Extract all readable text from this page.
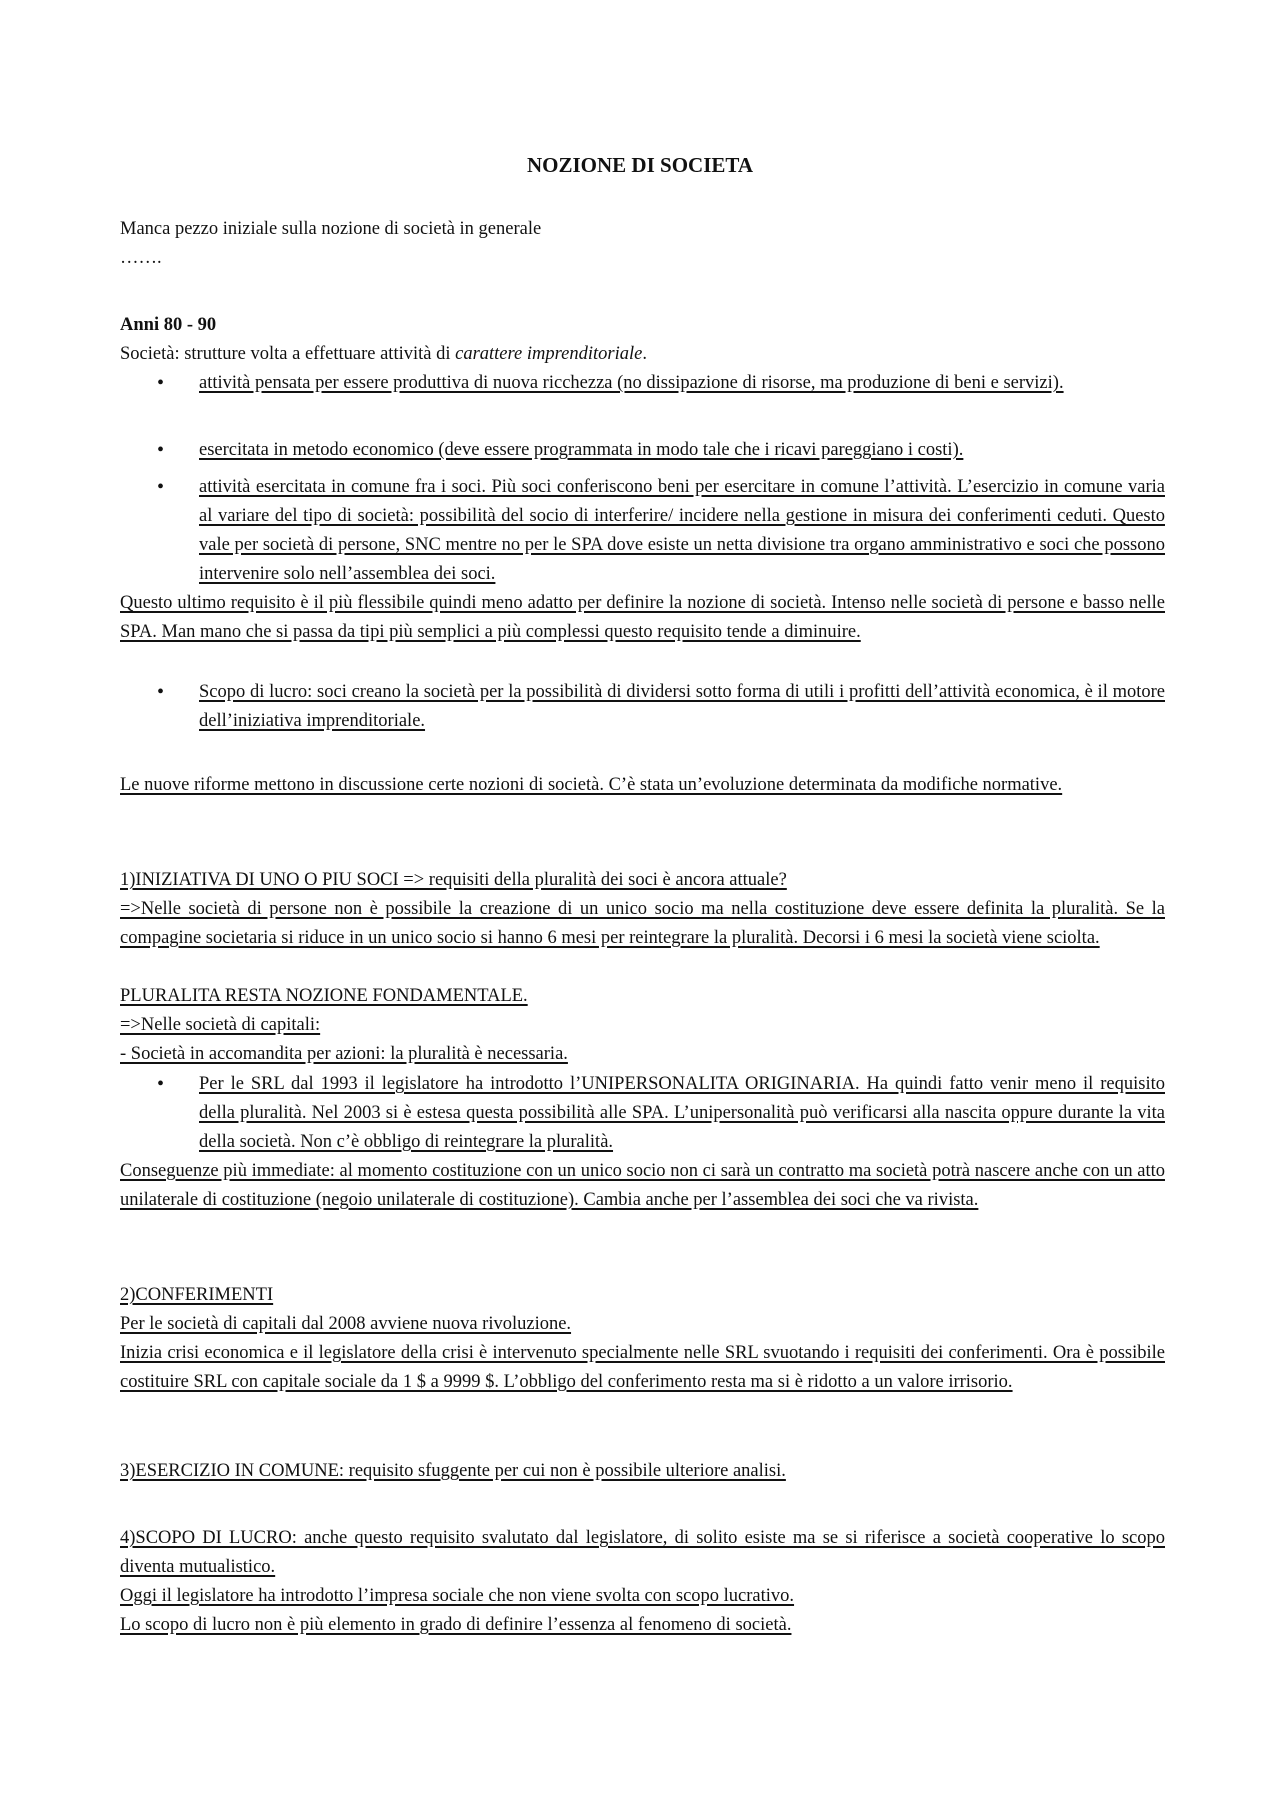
NOZIONE DI SOCIETA
Manca pezzo iniziale sulla nozione di società in generale
…….
Anni 80 - 90
Società: strutture volta a effettuare attività di carattere imprenditoriale.
• attività pensata per essere produttiva di nuova ricchezza (no dissipazione di risorse, ma produzione di beni e servizi).
• esercitata in metodo economico (deve essere programmata in modo tale che i ricavi pareggiano i costi).
• attività esercitata in comune fra i soci. Più soci conferiscono beni per esercitare in comune l’attività. L’esercizio in comune varia al variare del tipo di società: possibilità del socio di interferire/ incidere nella gestione in misura dei conferimenti ceduti. Questo vale per società di persone, SNC mentre no per le SPA dove esiste un netta divisione tra organo amministrativo e soci che possono intervenire solo nell’assemblea dei soci.
Questo ultimo requisito è il più flessibile quindi meno adatto per definire la nozione di società. Intenso nelle società di persone e basso nelle SPA. Man mano che si passa da tipi più semplici a più complessi questo requisito tende a diminuire.
• Scopo di lucro: soci creano la società per la possibilità di dividersi sotto forma di utili i profitti dell’attività economica, è il motore dell’iniziativa imprenditoriale.
Le nuove riforme mettono in discussione certe nozioni di società. C’è stata un’evoluzione determinata da modifiche normative.
1)INIZIATIVA DI UNO O PIU SOCI => requisiti della pluralità dei soci è ancora attuale?
=>Nelle società di persone non è possibile la creazione di un unico socio ma nella costituzione deve essere definita la pluralità. Se la compagine societaria si riduce in un unico socio si hanno 6 mesi per reintegrare la pluralità. Decorsi i 6 mesi la società viene sciolta.
PLURALITA RESTA NOZIONE FONDAMENTALE.
=>Nelle società di capitali:
- Società in accomandita per azioni: la pluralità è necessaria.
• Per le SRL dal 1993 il legislatore ha introdotto l’UNIPERSONALITA ORIGINARIA. Ha quindi fatto venir meno il requisito della pluralità. Nel 2003 si è estesa questa possibilità alle SPA. L’unipersonalità può verificarsi alla nascita oppure durante la vita della società. Non c’è obbligo di reintegrare la pluralità.
Conseguenze più immediate: al momento costituzione con un unico socio non ci sarà un contratto ma società potrà nascere anche con un atto unilaterale di costituzione (negoio unilaterale di costituzione). Cambia anche per l’assemblea dei soci che va rivista.
2)CONFERIMENTI
Per le società di capitali dal 2008 avviene nuova rivoluzione.
Inizia crisi economica e il legislatore della crisi è intervenuto specialmente nelle SRL svuotando i requisiti dei conferimenti. Ora è possibile costituire SRL con capitale sociale da 1 $ a 9999 $. L’obbligo del conferimento resta ma si è ridotto a un valore irrisorio.
3)ESERCIZIO IN COMUNE: requisito sfuggente per cui non è possibile ulteriore analisi.
4)SCOPO DI LUCRO: anche questo requisito svalutato dal legislatore, di solito esiste ma se si riferisce a società cooperative lo scopo diventa mutualistico.
Oggi il legislatore ha introdotto l’impresa sociale che non viene svolta con scopo lucrativo.
Lo scopo di lucro non è più elemento in grado di definire l’essenza al fenomeno di società.
